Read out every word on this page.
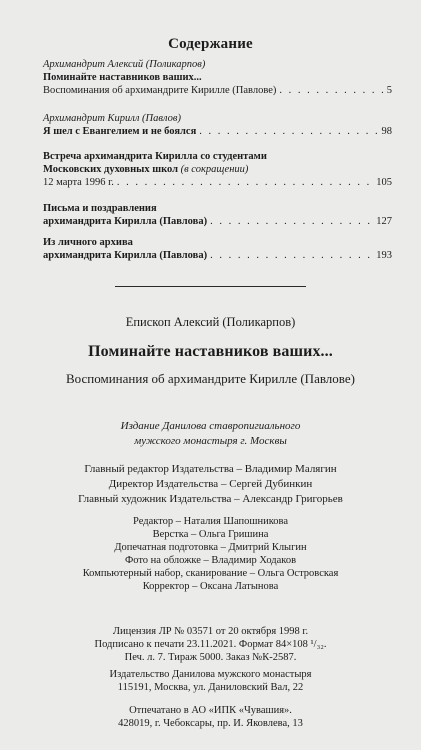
Содержание
Архимандрит Алексий (Поликарпов)
Поминайте наставников ваших...
Воспоминания об архимандрите Кирилле (Павлове) . . .	5
Архимандрит Кирилл (Павлов)
Я шел с Евангелием и не боялся . . .	98
Встреча архимандрита Кирилла со студентами
Московских духовных школ (в сокращении)
12 марта 1996 г. . . .	105
Письма и поздравления
архимандрита Кирилла (Павлова) . . .	127
Из личного архива
архимандрита Кирилла (Павлова) . . .	193
Епископ Алексий (Поликарпов)
Поминайте наставников ваших...
Воспоминания об архимандрите Кирилле (Павлове)
Издание Данилова ставропигиального
мужского монастыря г. Москвы
Главный редактор Издательства – Владимир Малягин
Директор Издательства – Сергей Дубинкин
Главный художник Издательства – Александр Григорьев
Редактор – Наталия Шапошникова
Верстка – Ольга Гришина
Допечатная подготовка – Дмитрий Клыгин
Фото на обложке – Владимир Ходаков
Компьютерный набор, сканирование – Ольга Островская
Корректор – Оксана Латынова
Лицензия ЛР № 03571 от 20 октября 1998 г.
Подписано к печати 23.11.2021. Формат 84×108 ¹/₃₂.
Печ. л. 7. Тираж 5000. Заказ №К-2587.
Издательство Данилова мужского монастыря
115191, Москва, ул. Даниловский Вал, 22
Отпечатано в АО «ИПК «Чувашия».
428019, г. Чебоксары, пр. И. Яковлева, 13
